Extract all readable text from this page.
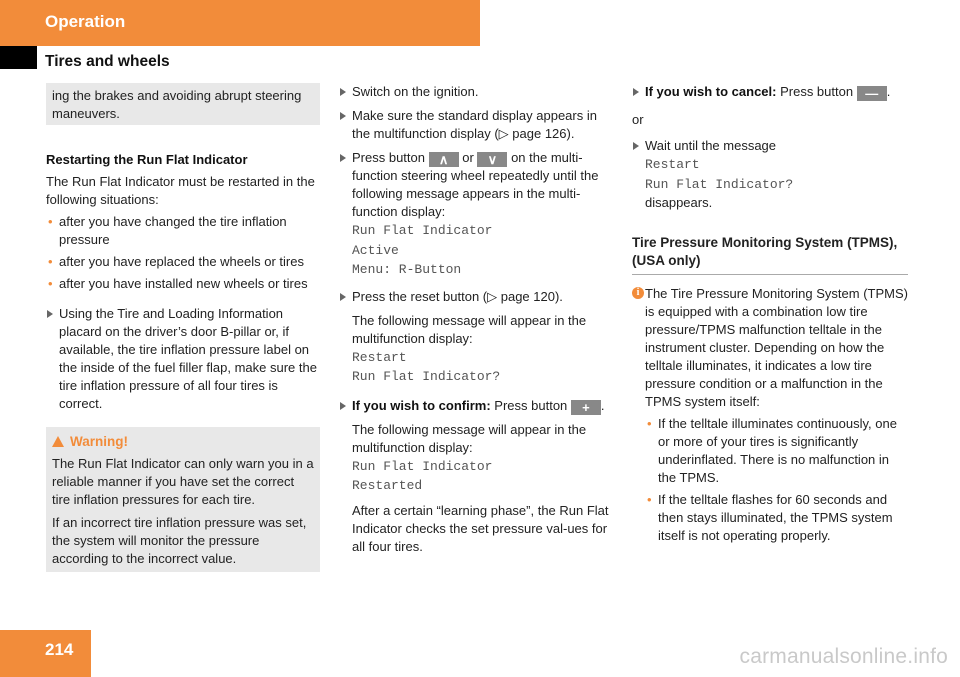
Operation
Tires and wheels

ing the brakes and avoiding abrupt steering maneuvers.

Restarting the Run Flat Indicator

The Run Flat Indicator must be restarted in the following situations:

• after you have changed the tire inflation pressure

• after you have replaced the wheels or tires

• after you have installed new wheels or tires

Using the Tire and Loading Information placard on the driver’s door B-pillar or, if available, the tire inflation pressure label on the inside of the fuel filler flap, make sure the tire inflation pressure of all four tires is correct.

Warning!

The Run Flat Indicator can only warn you in a reliable manner if you have set the correct tire inflation pressures for each tire.

If an incorrect tire inflation pressure was set, the system will monitor the pressure according to the incorrect value.

Switch on the ignition.

Make sure the standard display appears in the multifunction display (▷ page 126).

Press button ∧ or ∨ on the multi-function steering wheel repeatedly until the following message appears in the multi-function display:
Run Flat Indicator
Active
Menu: R-Button

Press the reset button (▷ page 120).

The following message will appear in the multifunction display:

Restart
Run Flat Indicator?

If you wish to confirm: Press button + .

The following message will appear in the multifunction display:

Run Flat Indicator
Restarted

After a certain “learning phase”, the Run Flat Indicator checks the set pressure val-ues for all four tires.

If you wish to cancel: Press button — .

or

Wait until the message
Restart
Run Flat Indicator?
disappears.
Tire Pressure Monitoring System (TPMS), (USA only)
i The Tire Pressure Monitoring System (TPMS) is equipped with a combination low tire pressure/TPMS malfunction telltale in the instrument cluster. Depending on how the telltale illuminates, it indicates a low tire pressure condition or a malfunction in the TPMS system itself:

• If the telltale illuminates continuously, one or more of your tires is significantly underinflated. There is no malfunction in the TPMS.

• If the telltale flashes for 60 seconds and then stays illuminated, the TPMS system itself is not operating properly.

214	carmanualsonline.info
